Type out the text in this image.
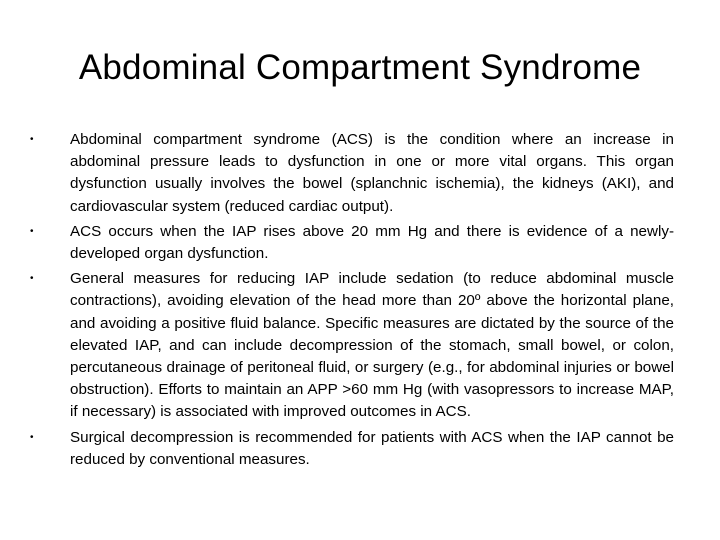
Abdominal Compartment Syndrome
•	Abdominal compartment syndrome (ACS) is the condition where an increase in abdominal pressure leads to dysfunction in one or more vital organs. This organ dysfunction usually involves the bowel (splanchnic ischemia), the kidneys (AKI), and cardiovascular system (reduced cardiac output).
•	ACS occurs when the IAP rises above 20 mm Hg and there is evidence of a newly-developed organ dysfunction.
•	General measures for reducing IAP include sedation (to reduce abdominal muscle contractions), avoiding elevation of the head more than 20º above the horizontal plane, and avoiding a positive fluid balance. Specific measures are dictated by the source of the elevated IAP, and can include decompression of the stomach, small bowel, or colon, percutaneous drainage of peritoneal fluid, or surgery (e.g., for abdominal injuries or bowel obstruction). Efforts to maintain an APP >60 mm Hg (with vasopressors to increase MAP, if necessary) is associated with improved outcomes in ACS.
•	Surgical decompression is recommended for patients with ACS when the IAP cannot be reduced by conventional measures.
